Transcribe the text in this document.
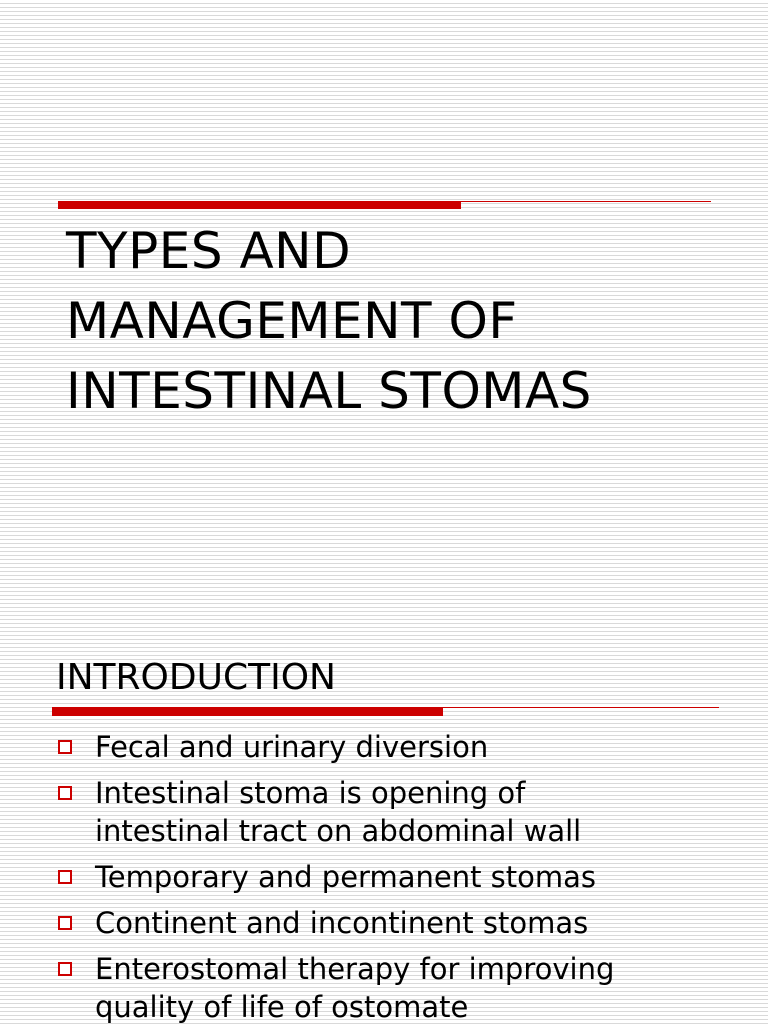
TYPES AND
MANAGEMENT OF
INTESTINAL STOMAS
INTRODUCTION
Fecal and urinary diversion
Intestinal stoma is opening of
intestinal tract on abdominal wall
Temporary and permanent stomas
Continent and incontinent stomas
Enterostomal therapy for improving
quality of life of ostomate
